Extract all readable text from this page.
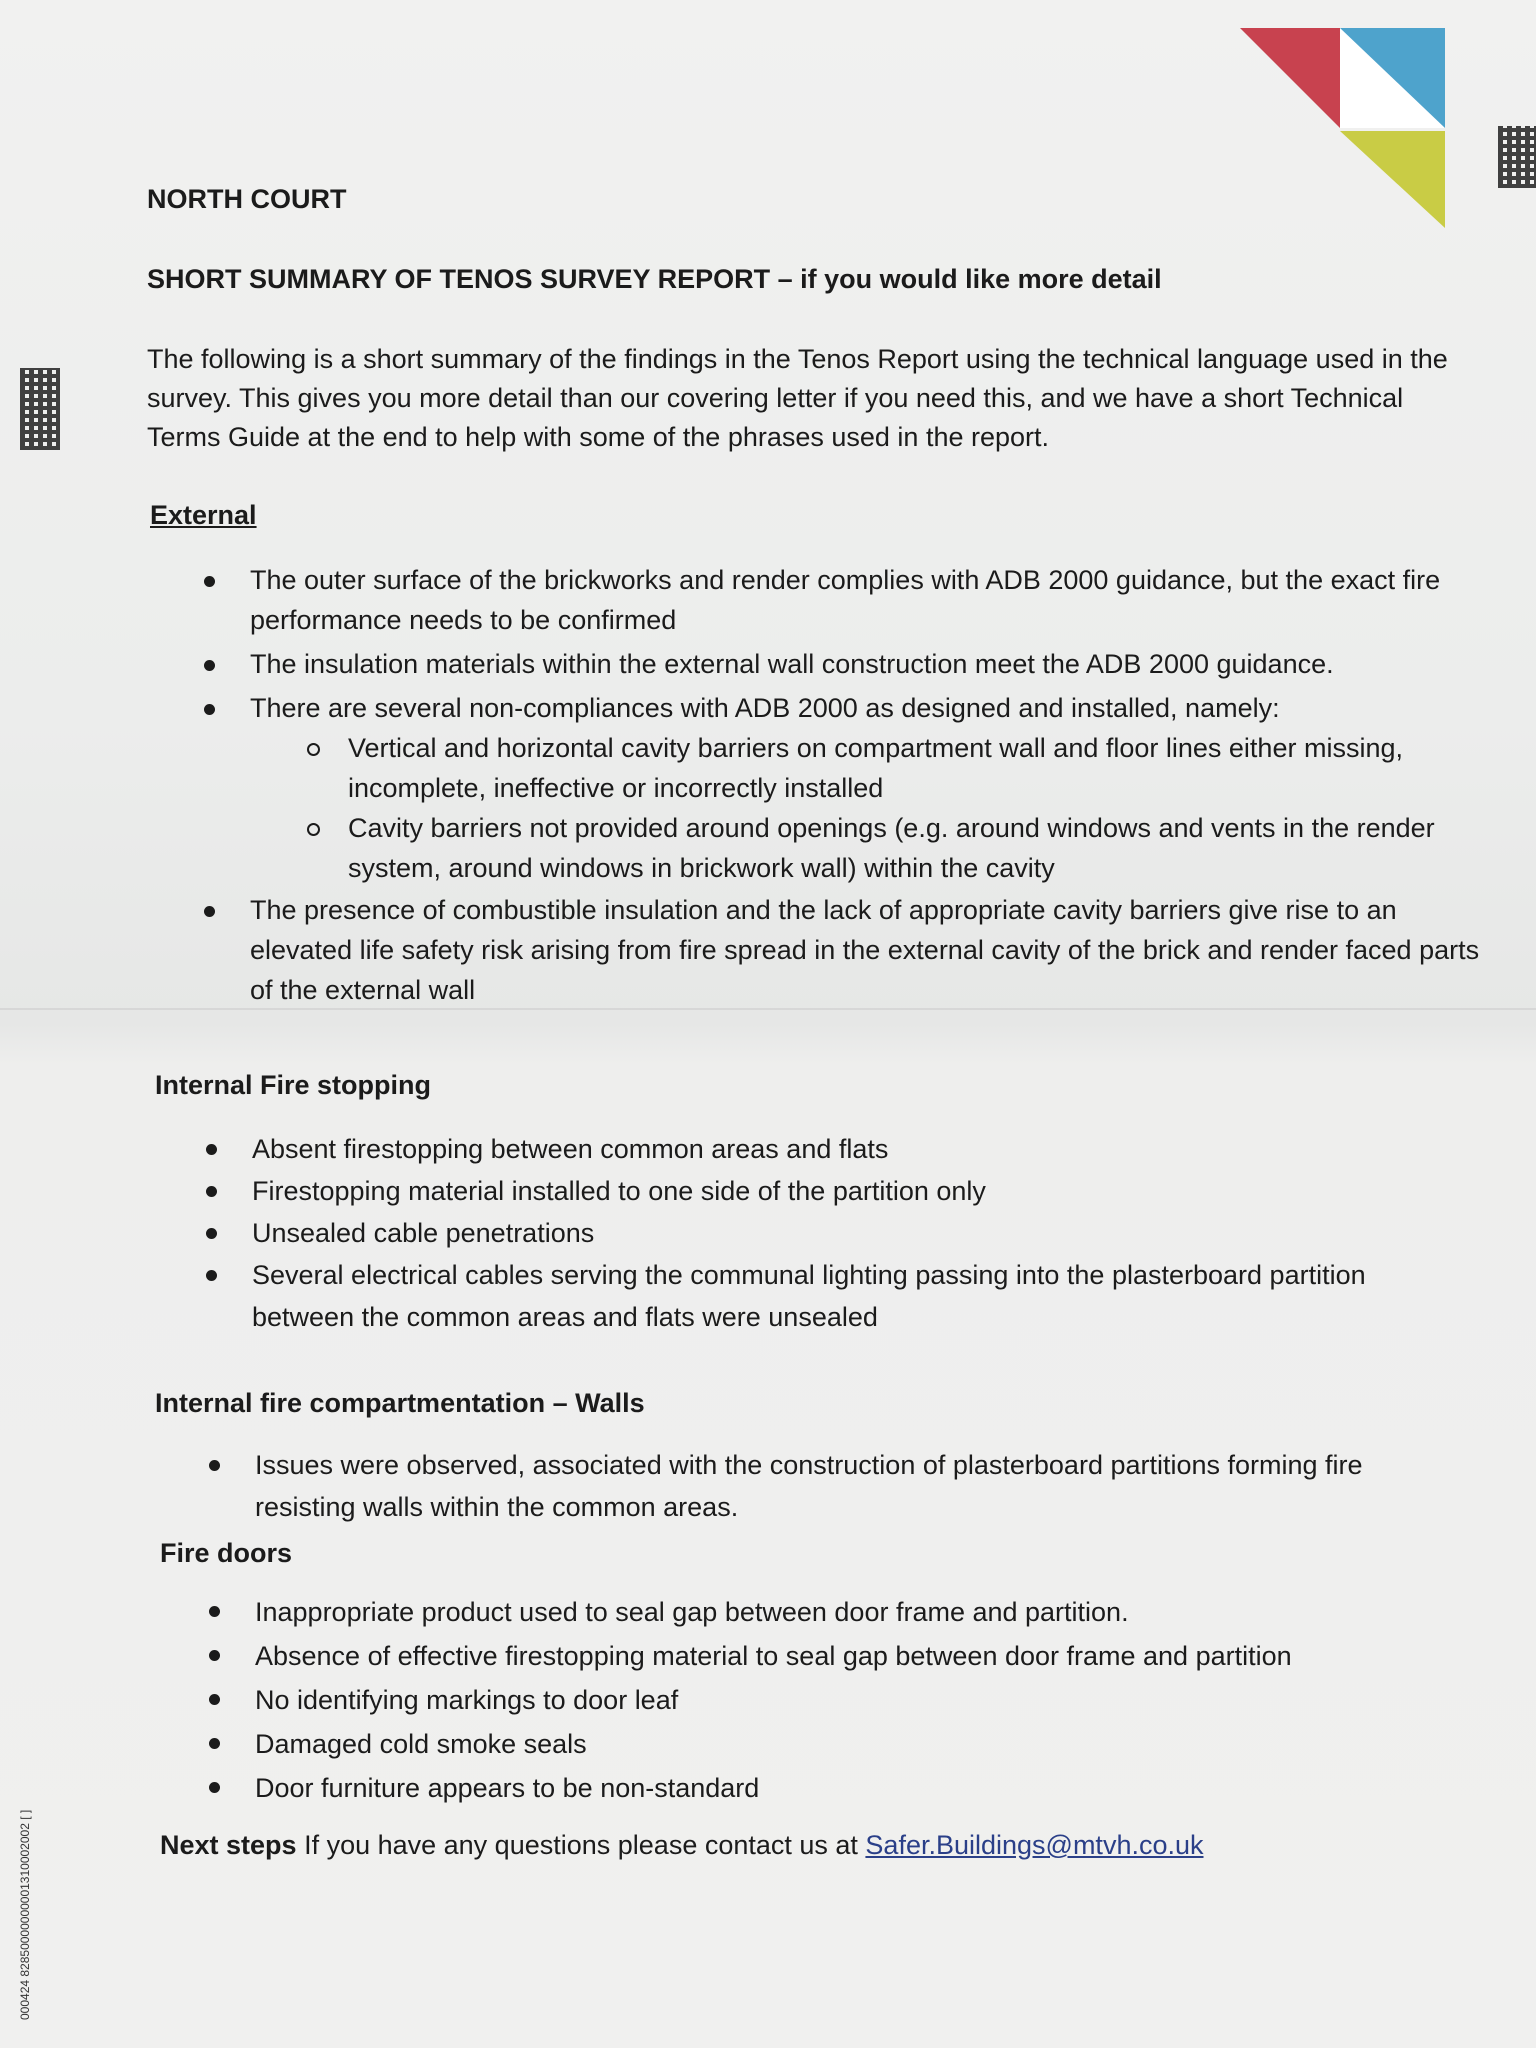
000424 82850000000001310002002 [ ]
NORTH COURT
SHORT SUMMARY OF TENOS SURVEY REPORT – if you would like more detail
The following is a short summary of the findings in the Tenos Report using the technical language used in the survey. This gives you more detail than our covering letter if you need this, and we have a short Technical Terms Guide at the end to help with some of the phrases used in the report.
External
The outer surface of the brickworks and render complies with ADB 2000 guidance, but the exact fire performance needs to be confirmed
The insulation materials within the external wall construction meet the ADB 2000 guidance.
There are several non-compliances with ADB 2000 as designed and installed, namely:
Vertical and horizontal cavity barriers on compartment wall and floor lines either missing, incomplete, ineffective or incorrectly installed
Cavity barriers not provided around openings (e.g. around windows and vents in the render system, around windows in brickwork wall) within the cavity
The presence of combustible insulation and the lack of appropriate cavity barriers give rise to an elevated life safety risk arising from fire spread in the external cavity of the brick and render faced parts of the external wall
Internal Fire stopping
Absent firestopping between common areas and flats
Firestopping material installed to one side of the partition only
Unsealed cable penetrations
Several electrical cables serving the communal lighting passing into the plasterboard partition between the common areas and flats were unsealed
Internal fire compartmentation – Walls
Issues were observed, associated with the construction of plasterboard partitions forming fire resisting walls within the common areas.
Fire doors
Inappropriate product used to seal gap between door frame and partition.
Absence of effective firestopping material to seal gap between door frame and partition
No identifying markings to door leaf
Damaged cold smoke seals
Door furniture appears to be non-standard
Next steps If you have any questions please contact us at Safer.Buildings@mtvh.co.uk
